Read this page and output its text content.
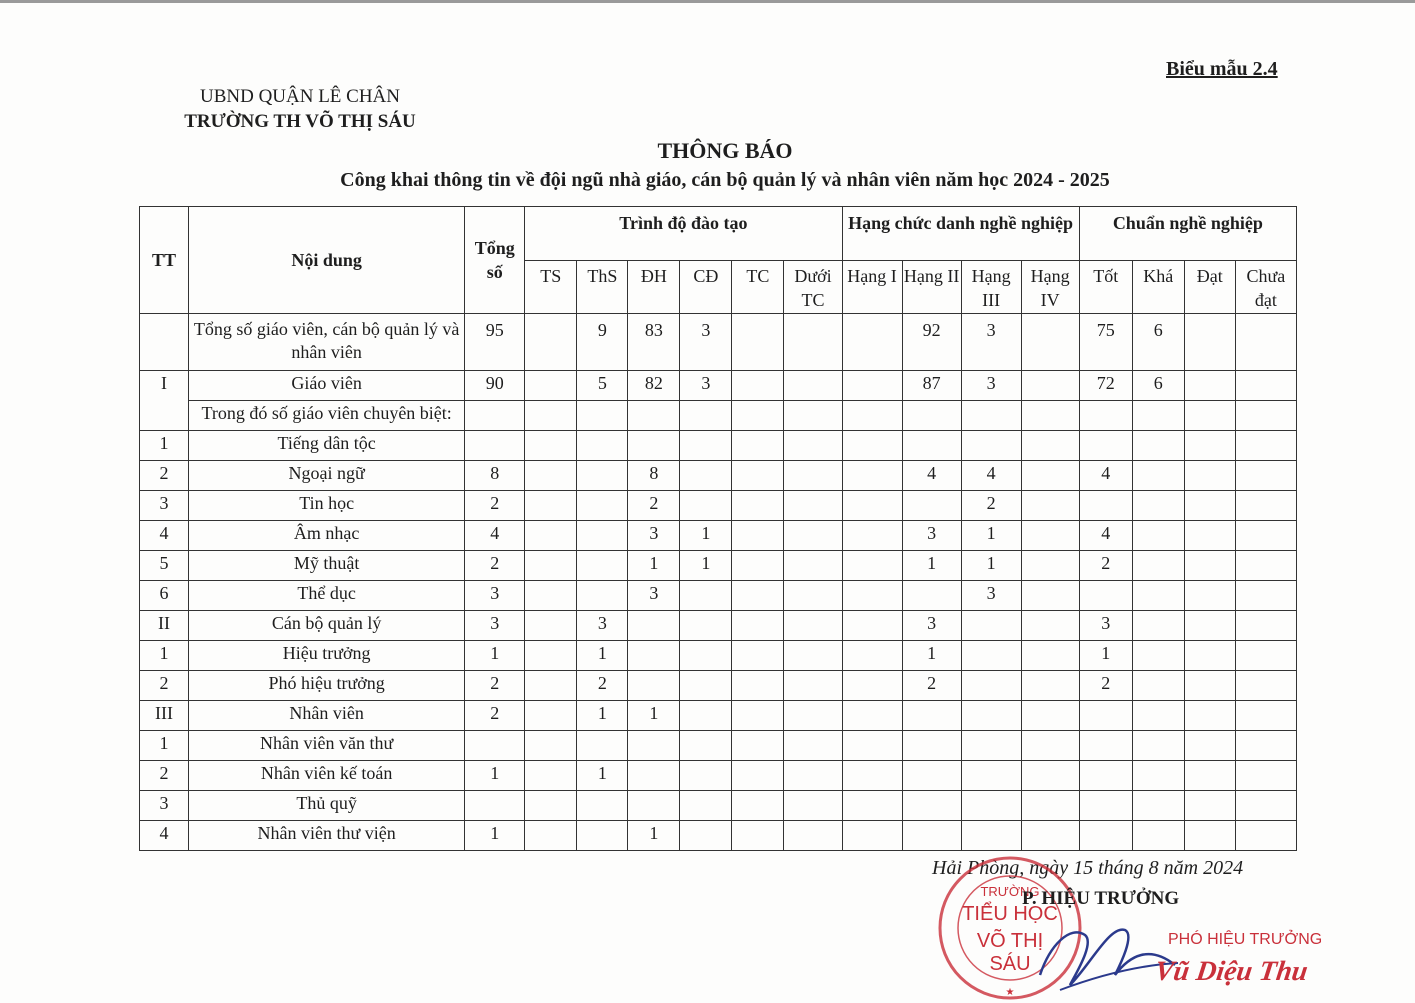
Biểu mẫu 2.4
UBND QUẬN LÊ CHÂN
TRƯỜNG TH VÕ THỊ SÁU
THÔNG BÁO
Công khai thông tin về đội ngũ nhà giáo, cán bộ quản lý và nhân viên năm học 2024 - 2025
TT	Nội dung	Tổng số	Trình độ đào tạo						Hạng chức danh nghề nghiệp				Chuẩn nghề nghiệp			
			TS	ThS	ĐH	CĐ	TC	Dưới TC	Hạng I	Hạng II	Hạng III	Hạng IV	Tốt	Khá	Đạt	Chưa đạt
	Tổng số giáo viên, cán bộ quản lý và nhân viên	95		9	83	3				92	3		75	6		
I	Giáo viên	90		5	82	3				87	3		72	6		
	Trong đó số giáo viên chuyên biệt:															
1	Tiếng dân tộc															
2	Ngoại ngữ	8			8					4	4		4			
3	Tin học	2			2						2					
4	Âm nhạc	4			3	1				3	1		4			
5	Mỹ thuật	2			1	1				1	1		2			
6	Thể dục	3			3						3					
II	Cán bộ quản lý	3		3						3			3			
1	Hiệu trưởng	1		1						1			1			
2	Phó hiệu trưởng	2		2						2			2			
III	Nhân viên	2		1	1											
1	Nhân viên văn thư															
2	Nhân viên kế toán	1		1												
3	Thủ quỹ															
4	Nhân viên thư viện	1			1											
Hải Phòng, ngày 15 tháng 8 năm 2024
★
TRƯỜNG
TIỂU HỌC
VÕ THỊ SÁU
P. HIỆU TRƯỞNG
PHÓ HIỆU TRƯỞNG
Vũ Diệu Thu
